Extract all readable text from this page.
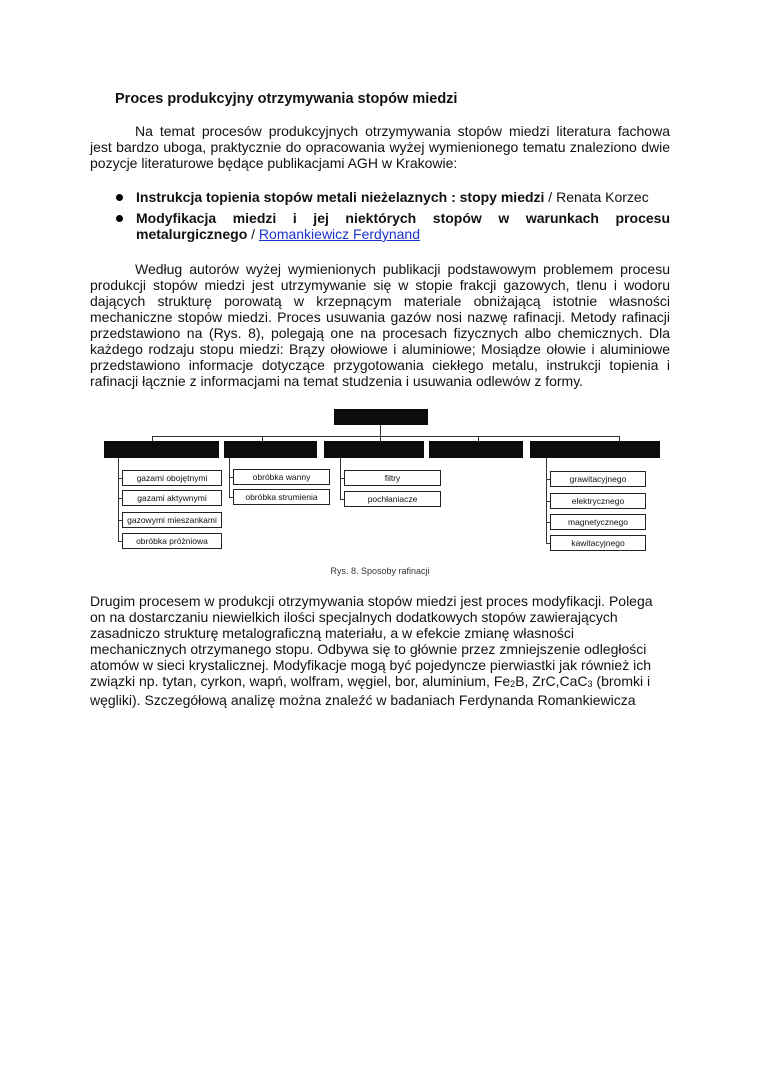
Proces produkcyjny otrzymywania stopów miedzi

Na temat procesów produkcyjnych otrzymywania stopów miedzi literatura fachowa jest bardzo uboga, praktycznie do opracowania wyżej wymienionego tematu znaleziono dwie pozycje literaturowe będące publikacjami AGH w Krakowie:

Instrukcja topienia stopów metali nieżelaznych : stopy miedzi / Renata Korzec
Modyfikacja miedzi i jej niektórych stopów w warunkach procesu metalurgicznego / Romankiewicz Ferdynand

Według autorów wyżej wymienionych publikacji podstawowym problemem procesu produkcji stopów miedzi jest utrzymywanie się w stopie frakcji gazowych, tlenu i wodoru dających strukturę porowatą w krzepnącym materiale obniżającą istotnie własności mechaniczne stopów miedzi. Proces usuwania gazów nosi nazwę rafinacji. Metody rafinacji przedstawiono na (Rys. 8), polegają one na procesach fizycznych albo chemicznych. Dla każdego rodzaju stopu miedzi: Brązy ołowiowe i aluminiowe; Mosiądze ołowie i aluminiowe przedstawiono informacje dotyczące przygotowania ciekłego metalu, instrukcji topienia i rafinacji łącznie z informacjami na temat studzenia i usuwania odlewów z formy.

gazami obojętnymi
gazami aktywnymi
gazowymi mieszankami
obróbka próżniowa
obróbka wanny
obróbka strumienia
filtry
pochłaniacze
grawitacyjnego
elektrycznego
magnetycznego
kawitacyjnego
Rys. 8. Sposoby rafinacji

Drugim procesem w produkcji otrzymywania stopów miedzi jest proces modyfikacji. Polega on na dostarczaniu niewielkich ilości specjalnych dodatkowych stopów zawierających zasadniczo strukturę metalograficzną materiału, a w efekcie zmianę własności mechanicznych otrzymanego stopu. Odbywa się to głównie przez zmniejszenie odległości atomów w sieci krystalicznej. Modyfikacje mogą być pojedyncze pierwiastki jak również ich związki np. tytan, cyrkon, wapń, wolfram, węgiel, bor, aluminium, $Fe_2B$, ZrC,CaC$_3$ (bromki i węgliki). Szczegółową analizę można znaleźć w badaniach Ferdynanda Romankiewicza
